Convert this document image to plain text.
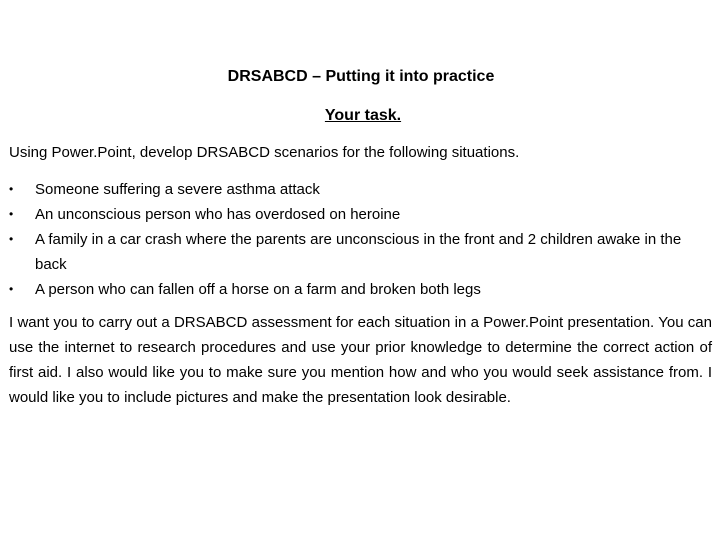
DRSABCD – Putting it into practice
Your task.

Using Power.Point, develop DRSABCD scenarios for the following situations.

• Someone suffering a severe asthma attack
• An unconscious person who has overdosed on heroine
• A family in a car crash where the parents are unconscious in the front and 2 children awake in the back
• A person who can fallen off a horse on a farm and broken both legs

I want you to carry out a DRSABCD assessment for each situation in a Power.Point presentation. You can use the internet to research procedures and use your prior knowledge to determine the correct action of first aid. I also would like you to make sure you mention how and who you would seek assistance from. I would like you to include pictures and make the presentation look desirable.
